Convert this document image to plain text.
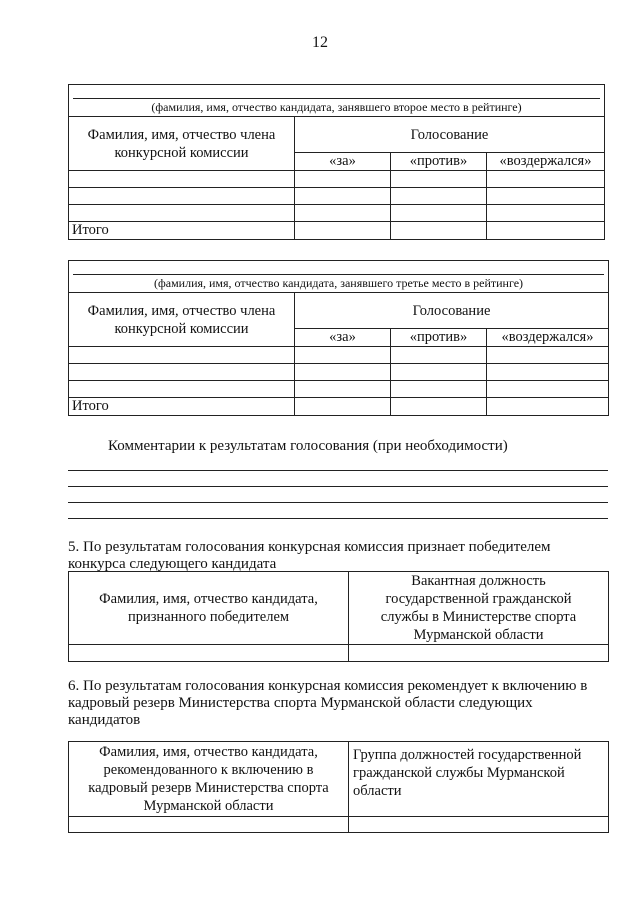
12
(фамилия, имя, отчество кандидата, занявшего второе место в рейтинге)			

Фамилия, имя, отчество члена конкурсной комиссии	Голосование		
	«за»	«против»	«воздержался»

Итого			
(фамилия, имя, отчество кандидата, занявшего третье место в рейтинге)			

Фамилия, имя, отчество члена конкурсной комиссии	Голосование		
	«за»	«против»	«воздержался»

Итого			
Комментарии к результатам голосования (при необходимости)
5. По результатам голосования конкурсная комиссия признает победителем конкурса следующего кандидата
Фамилия, имя, отчество кандидата, признанного победителем	Вакантная должность государственной гражданской службы в Министерстве спорта Мурманской области

6. По результатам голосования конкурсная комиссия рекомендует к включению в кадровый резерв Министерства спорта Мурманской области следующих кандидатов
Фамилия, имя, отчество кандидата, рекомендованного к включению в кадровый резерв Министерства спорта Мурманской области	Группа должностей государственной гражданской службы Мурманской области
